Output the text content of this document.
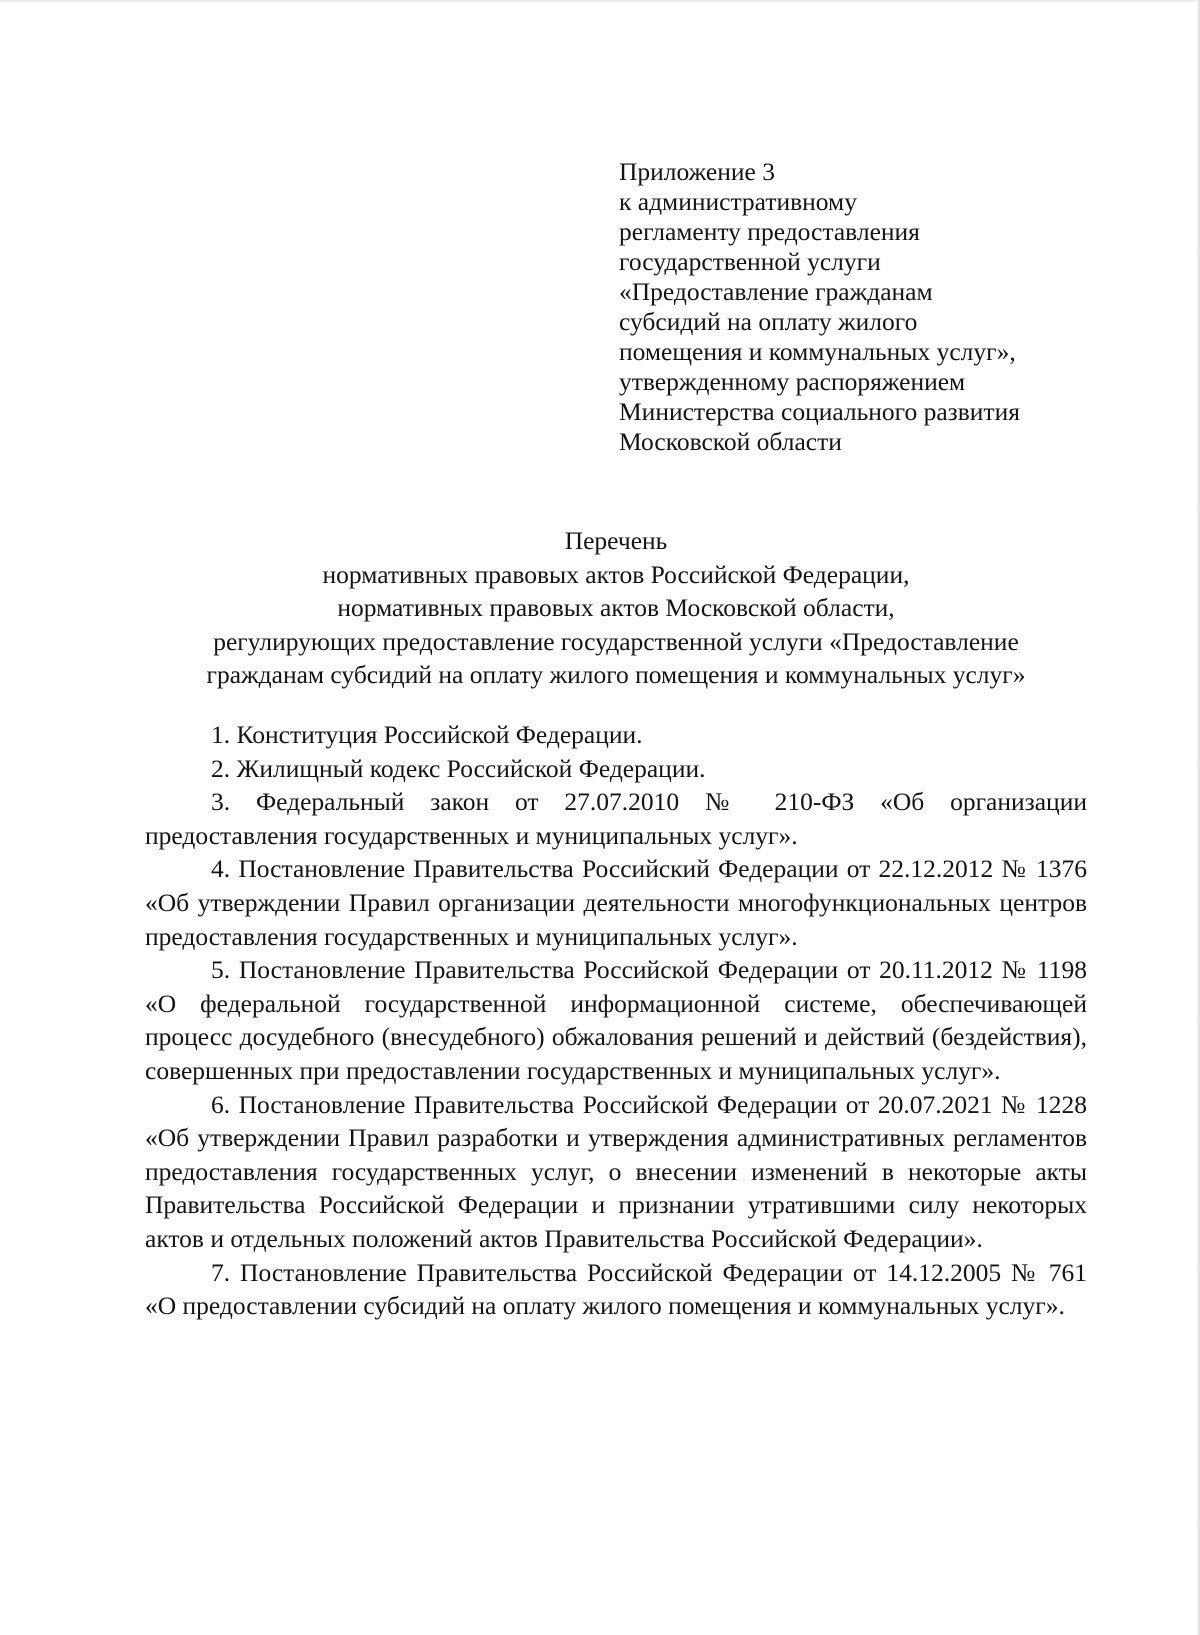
Приложение 3
к административному
регламенту предоставления
государственной услуги
«Предоставление гражданам
субсидий на оплату жилого
помещения и коммунальных услуг»,
утвержденному распоряжением
Министерства социального развития
Московской области
Перечень
нормативных правовых актов Российской Федерации,
нормативных правовых актов Московской области,
регулирующих предоставление государственной услуги «Предоставление
гражданам субсидий на оплату жилого помещения и коммунальных услуг»

1. Конституция Российской Федерации.

2. Жилищный кодекс Российской Федерации.

3. Федеральный закон от 27.07.2010 № 210-ФЗ «Об организации предоставления государственных и муниципальных услуг».

4. Постановление Правительства Российский Федерации от 22.12.2012 № 1376 «Об утверждении Правил организации деятельности многофункциональных центров предоставления государственных и муниципальных услуг».

5. Постановление Правительства Российской Федерации от 20.11.2012 № 1198 «О федеральной государственной информационной системе, обеспечивающей процесс досудебного (внесудебного) обжалования решений и действий (бездействия), совершенных при предоставлении государственных и муниципальных услуг».

6. Постановление Правительства Российской Федерации от 20.07.2021 № 1228 «Об утверждении Правил разработки и утверждения административных регламентов предоставления государственных услуг, о внесении изменений в некоторые акты Правительства Российской Федерации и признании утратившими силу некоторых актов и отдельных положений актов Правительства Российской Федерации».

7. Постановление Правительства Российской Федерации от 14.12.2005 № 761 «О предоставлении субсидий на оплату жилого помещения и коммунальных услуг».
